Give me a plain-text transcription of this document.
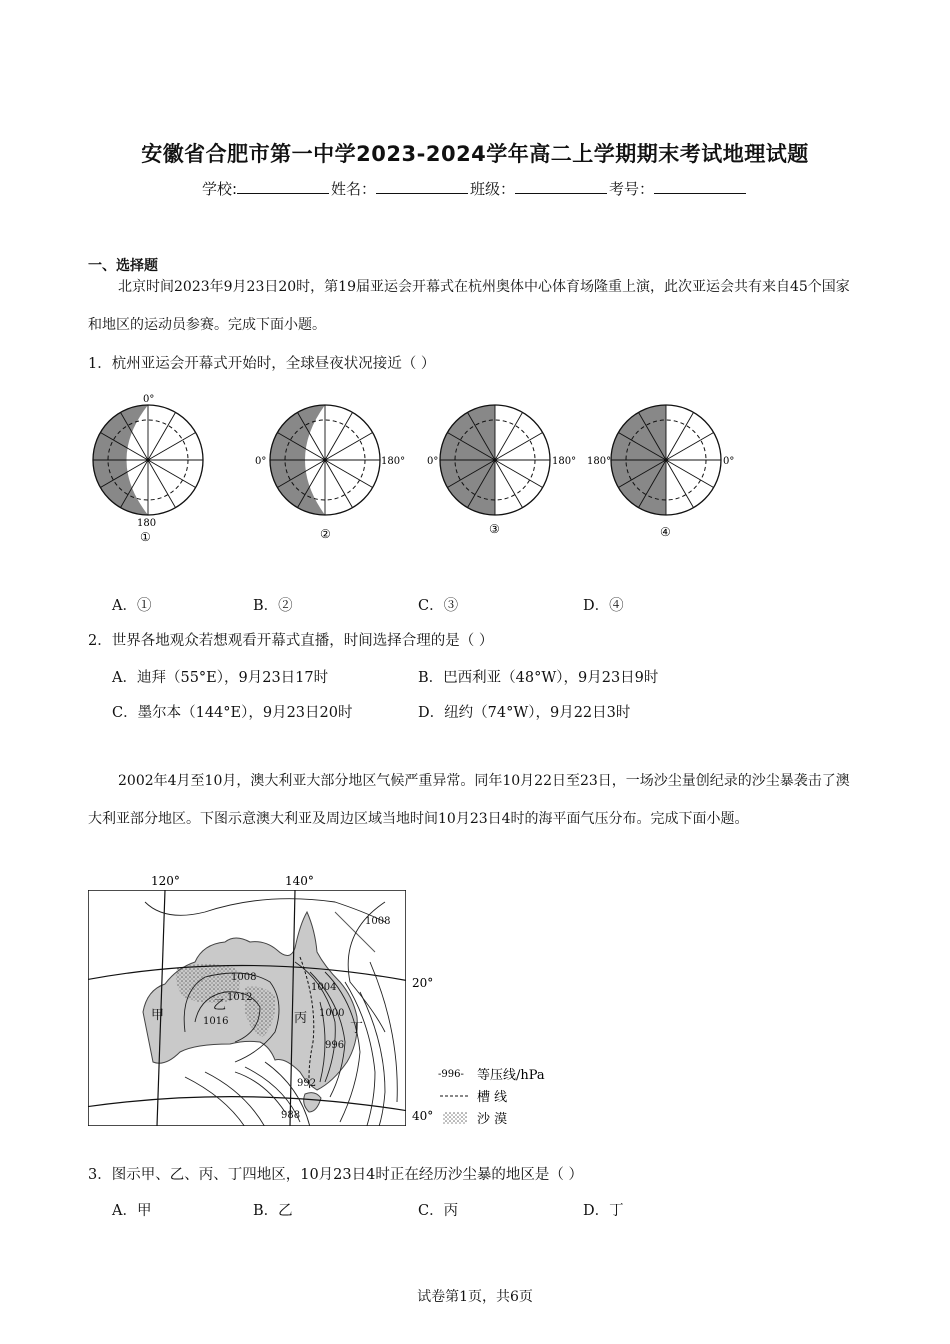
安徽省合肥市第一中学2023-2024学年高二上学期期末考试地理试题
学校:	姓名：	班级：	考号：
一、选择题
北京时间2023年9月23日20时，第19届亚运会开幕式在杭州奥体中心体育场隆重上演，此次亚运会共有来自45个国家和地区的运动员参赛。完成下面小题。
1．杭州亚运会开幕式开始时，全球昼夜状况接近（ ）
0°
180
①
0°	180°
②
0°	180°
③
180°	0°
④
A．①	B．②	C．③	D．④
2．世界各地观众若想观看开幕式直播，时间选择合理的是（ ）
A．迪拜（55°E），9月23日17时	B．巴西利亚（48°W），9月23日9时
C．墨尔本（144°E），9月23日20时	D．纽约（74°W），9月22日3时
2002年4月至10月，澳大利亚大部分地区气候严重异常。同年10月22日至23日，一场沙尘量创纪录的沙尘暴袭击了澳大利亚部分地区。下图示意澳大利亚及周边区域当地时间10月23日4时的海平面气压分布。完成下面小题。
120°	140°
20°
40°
1008
1008
1012
1016
1004
1000
996
992
988
甲
乙
丙
丁
-996- 等压线/hPa
槽 线
沙 漠
3．图示甲、乙、丙、丁四地区，10月23日4时正在经历沙尘暴的地区是（ ）
A．甲	B．乙	C．丙	D．丁
试卷第1页，共6页
